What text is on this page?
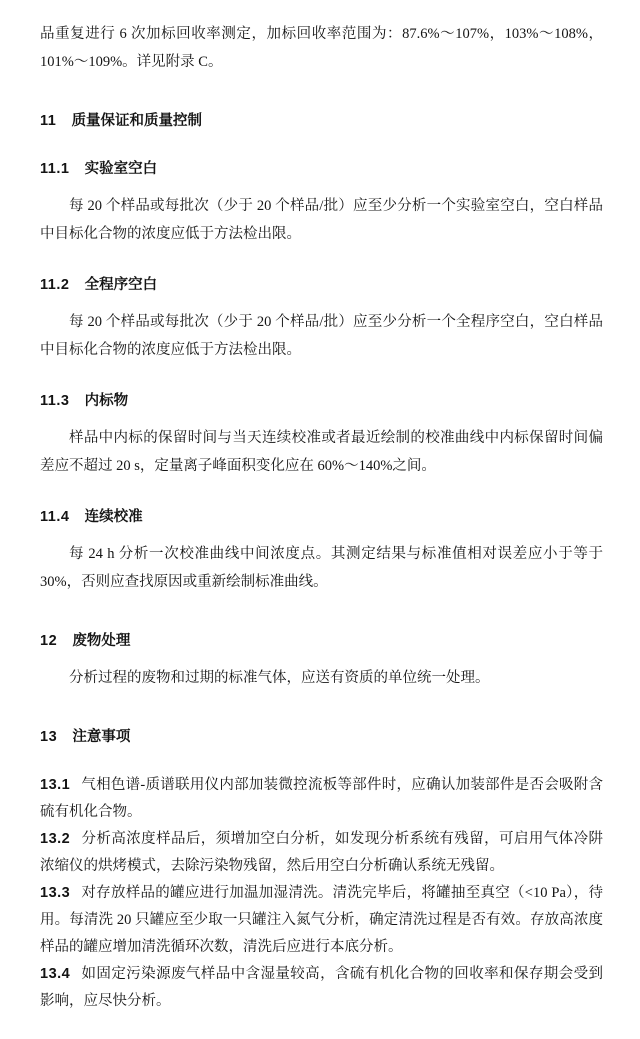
品重复进行 6 次加标回收率测定，加标回收率范围为：87.6%～107%，103%～108%，101%～109%。详见附录 C。

11 质量保证和质量控制
11.1 实验室空白

每 20 个样品或每批次（少于 20 个样品/批）应至少分析一个实验室空白，空白样品中目标化合物的浓度应低于方法检出限。

11.2 全程序空白

每 20 个样品或每批次（少于 20 个样品/批）应至少分析一个全程序空白，空白样品中目标化合物的浓度应低于方法检出限。

11.3 内标物

样品中内标的保留时间与当天连续校准或者最近绘制的校准曲线中内标保留时间偏差应不超过 20 s，定量离子峰面积变化应在 60%～140%之间。

11.4 连续校准

每 24 h 分析一次校准曲线中间浓度点。其测定结果与标准值相对误差应小于等于 30%，否则应查找原因或重新绘制标准曲线。

12 废物处理

分析过程的废物和过期的标准气体，应送有资质的单位统一处理。

13 注意事项

13.1 气相色谱-质谱联用仪内部加装微控流板等部件时，应确认加装部件是否会吸附含硫有机化合物。

13.2 分析高浓度样品后，须增加空白分析，如发现分析系统有残留，可启用气体冷阱浓缩仪的烘烤模式，去除污染物残留，然后用空白分析确认系统无残留。

13.3 对存放样品的罐应进行加温加湿清洗。清洗完毕后，将罐抽至真空（<10 Pa），待用。每清洗 20 只罐应至少取一只罐注入氮气分析，确定清洗过程是否有效。存放高浓度样品的罐应增加清洗循环次数，清洗后应进行本底分析。

13.4 如固定污染源废气样品中含湿量较高，含硫有机化合物的回收率和保存期会受到影响，应尽快分析。
